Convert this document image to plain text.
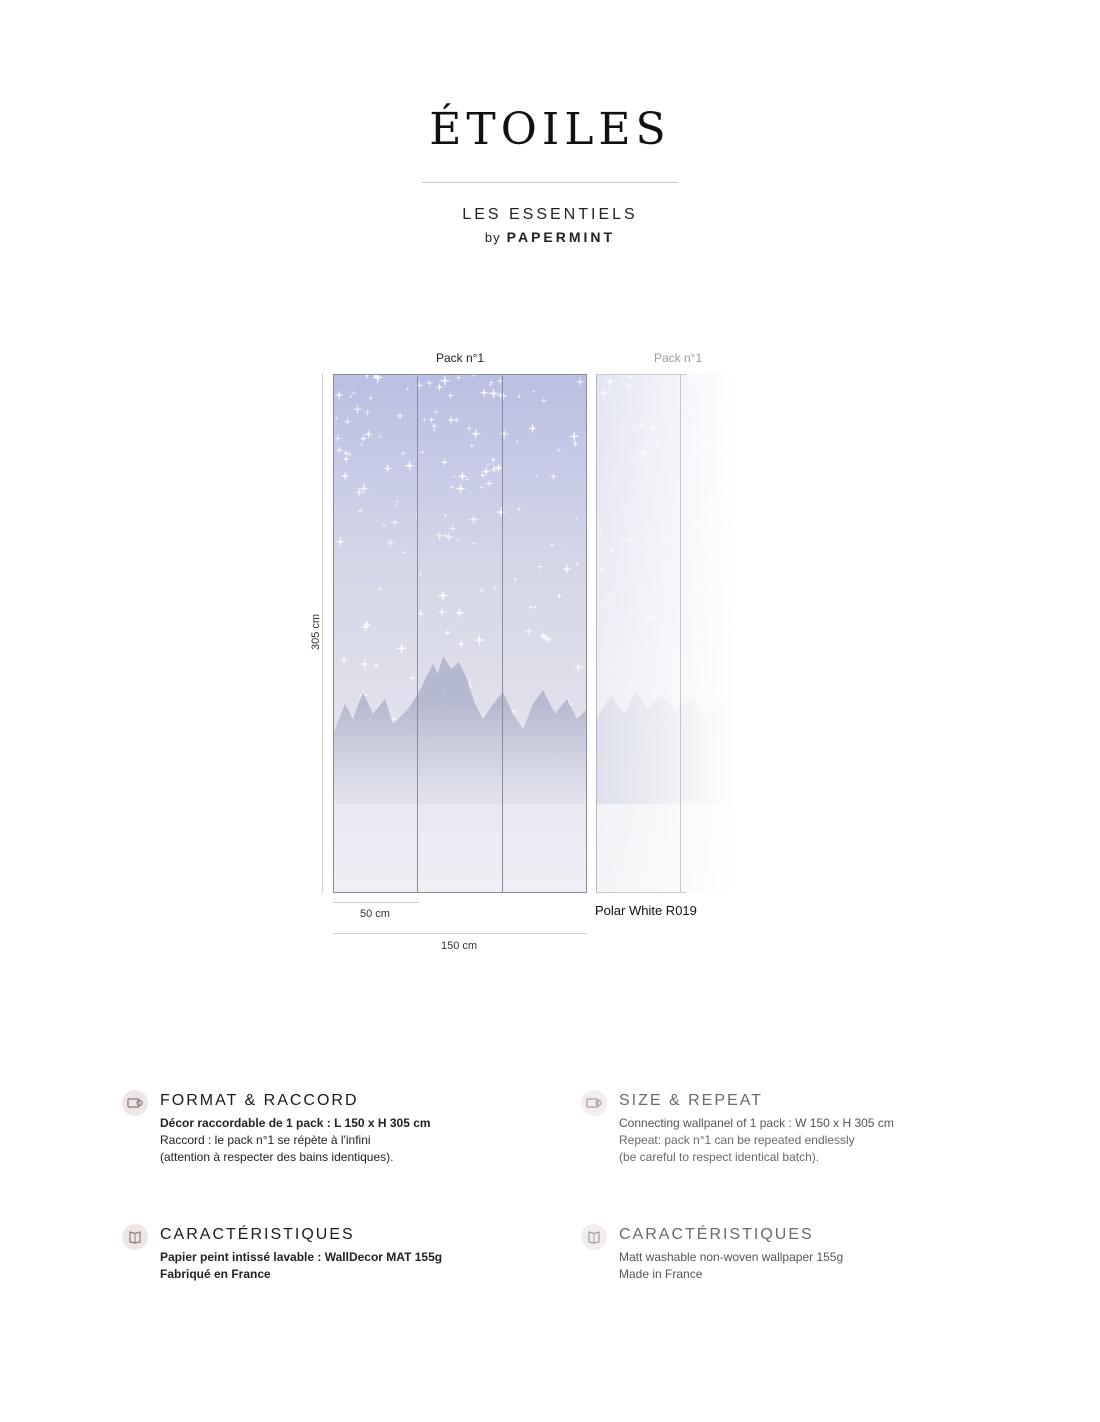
ÉTOILES
LES ESSENTIELS
by PAPERMINT
Pack n°1	Pack n°1
305 cm
50 cm
150 cm
Polar White R019
FORMAT & RACCORD
Décor raccordable de 1 pack : L 150 x H 305 cm
Raccord : le pack n°1 se répète à l'infini
(attention à respecter des bains identiques).
SIZE & REPEAT
Connecting wallpanel of 1 pack : W 150 x H 305 cm
Repeat: pack n°1 can be repeated endlessly
(be careful to respect identical batch).
CARACTÉRISTIQUES
Papier peint intissé lavable : WallDecor MAT 155g
Fabriqué en France
CARACTÉRISTIQUES
Matt washable non-woven wallpaper 155g
Made in France
